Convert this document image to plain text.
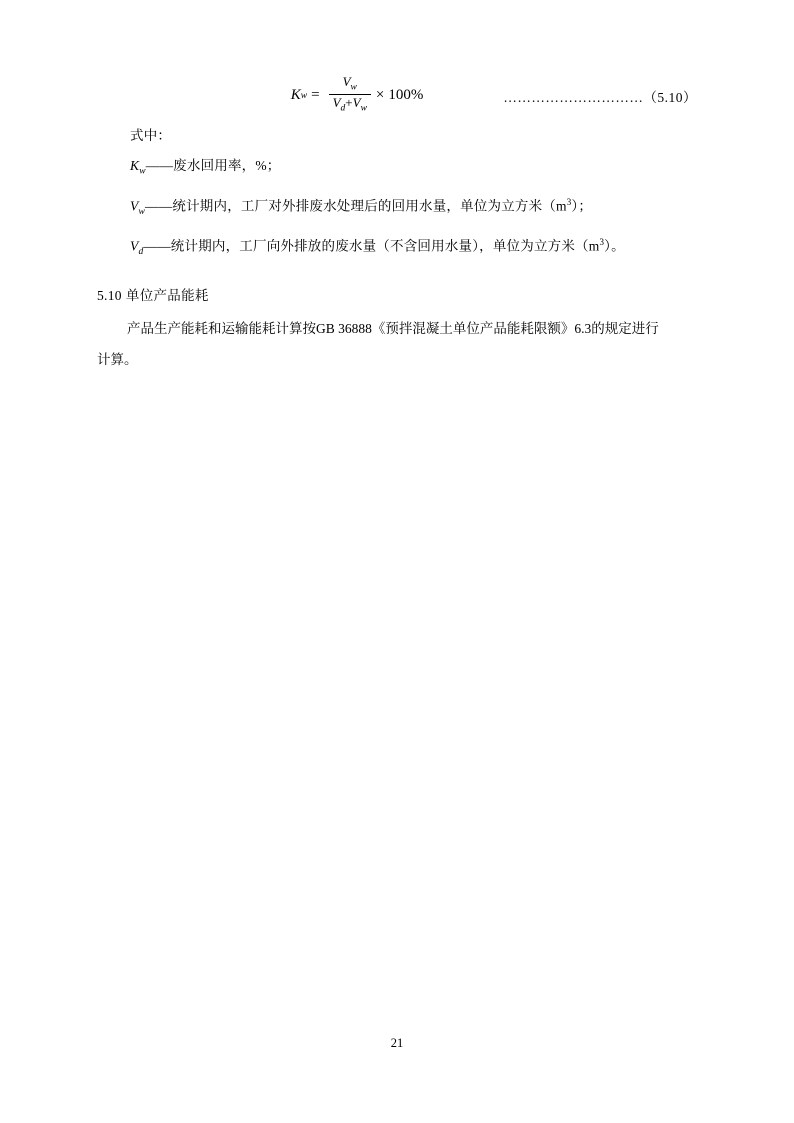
K $w = \frac{V_w}{V_d+V_w} \times 100\%$	…………………………（5.10）

式中：

$K_w——$废水回用率，%；

$V_w——$统计期内，工厂对外排废水处理后的回用水量，单位为立方米$(m^3)$；

$V_d——$统计期内，工厂向外排放的废水量（不含回用水量），单位为立方米$(m^3)$。

5.10 单位产品能耗

产品生产能耗和运输能耗计算按GB 36888《预拌混凝土单位产品能耗限额》6.3的规定进行
计算。

21
